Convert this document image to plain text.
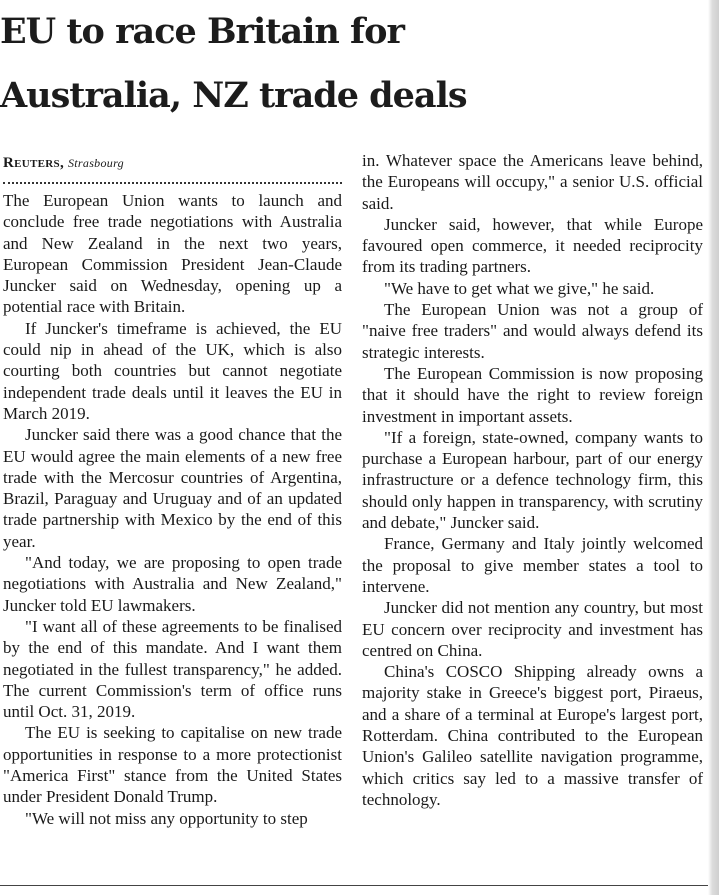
EU to race Britain for
Australia, NZ trade deals
Reuters, Strasbourg

The European Union wants to launch and conclude free trade negotiations with Australia and New Zealand in the next two years, European Commission President Jean-Claude Juncker said on Wednesday, opening up a potential race with Britain.

If Juncker's timeframe is achieved, the EU could nip in ahead of the UK, which is also courting both countries but cannot negotiate independent trade deals until it leaves the EU in March 2019.

Juncker said there was a good chance that the EU would agree the main elements of a new free trade with the Mercosur countries of Argentina, Brazil, Paraguay and Uruguay and of an updated trade partnership with Mexico by the end of this year.

"And today, we are proposing to open trade negotiations with Australia and New Zealand," Juncker told EU lawmakers.

"I want all of these agreements to be finalised by the end of this mandate. And I want them negotiated in the fullest transparency," he added. The current Commission's term of office runs until Oct. 31, 2019.

The EU is seeking to capitalise on new trade opportunities in response to a more protectionist "America First" stance from the United States under President Donald Trump.

"We will not miss any opportunity to step

in. Whatever space the Americans leave behind, the Europeans will occupy," a senior U.S. official said.

Juncker said, however, that while Europe favoured open commerce, it needed reciprocity from its trading partners.

"We have to get what we give," he said.

The European Union was not a group of "naive free traders" and would always defend its strategic interests.

The European Commission is now proposing that it should have the right to review foreign investment in important assets.

"If a foreign, state-owned, company wants to purchase a European harbour, part of our energy infrastructure or a defence technology firm, this should only happen in transparency, with scrutiny and debate," Juncker said.

France, Germany and Italy jointly welcomed the proposal to give member states a tool to intervene.

Juncker did not mention any country, but most EU concern over reciprocity and investment has centred on China.

China's COSCO Shipping already owns a majority stake in Greece's biggest port, Piraeus, and a share of a terminal at Europe's largest port, Rotterdam. China contributed to the European Union's Galileo satellite navigation programme, which critics say led to a massive transfer of technology.
